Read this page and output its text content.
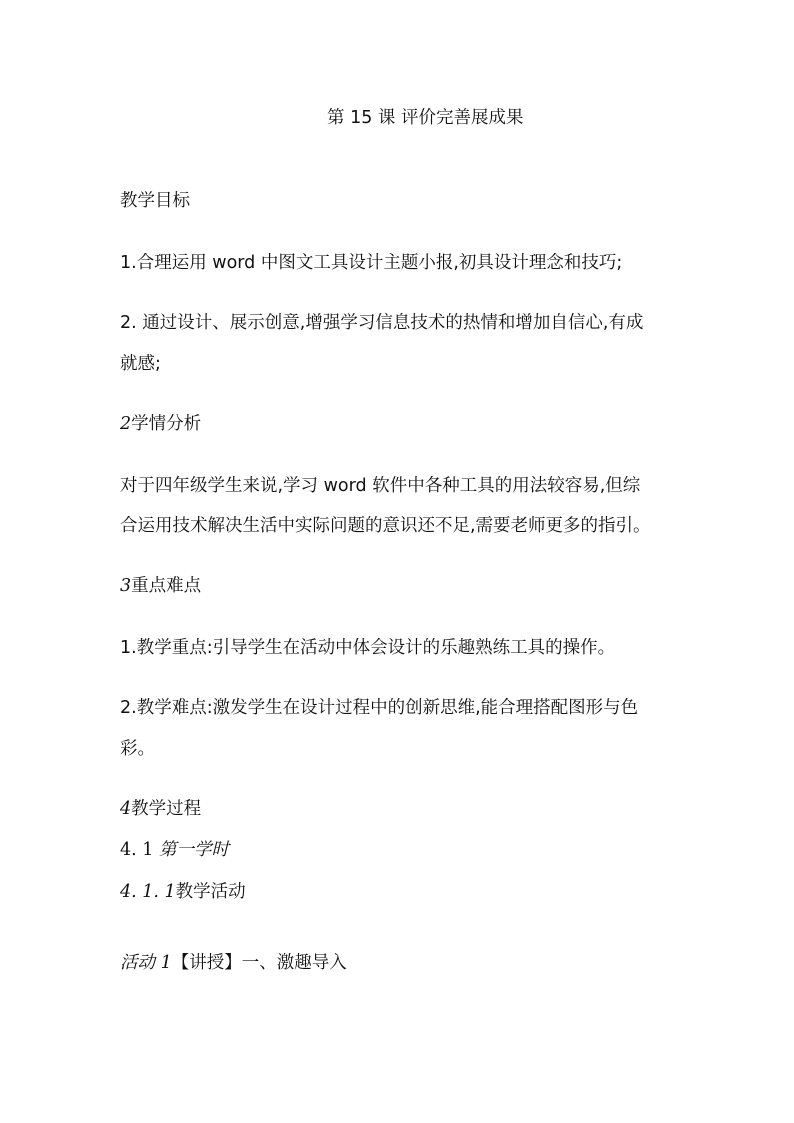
第 15 课 评价完善展成果
教学目标
1.合理运用 word 中图文工具设计主题小报,初具设计理念和技巧;
2. 通过设计、展示创意,增强学习信息技术的热情和增加自信心,有成
就感;
2学情分析
对于四年级学生来说,学习 word 软件中各种工具的用法较容易,但综
合运用技术解决生活中实际问题的意识还不足,需要老师更多的指引。
3重点难点
1.教学重点:引导学生在活动中体会设计的乐趣熟练工具的操作。
2.教学难点:激发学生在设计过程中的创新思维,能合理搭配图形与色
彩。
4教学过程
4. 1 第一学时
4. 1. 1教学活动
活动 1【讲授】一、激趣导入
